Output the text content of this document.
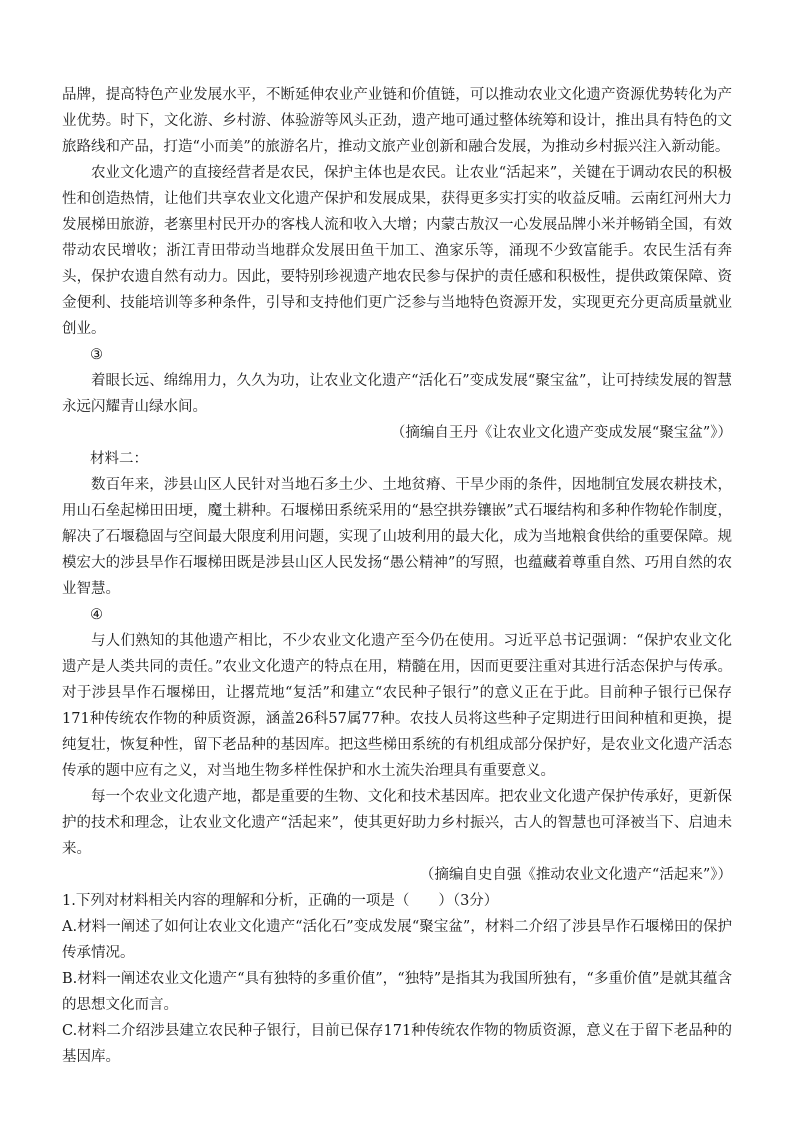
品牌，提高特色产业发展水平，不断延伸农业产业链和价值链，可以推动农业文化遗产资源优势转化为产业优势。时下，文化游、乡村游、体验游等风头正劲，遗产地可通过整体统筹和设计，推出具有特色的文旅路线和产品，打造“小而美”的旅游名片，推动文旅产业创新和融合发展，为推动乡村振兴注入新动能。

农业文化遗产的直接经营者是农民，保护主体也是农民。让农业“活起来”，关键在于调动农民的积极性和创造热情，让他们共享农业文化遗产保护和发展成果，获得更多实打实的收益反哺。云南红河州大力发展梯田旅游，老寨里村民开办的客栈人流和收入大增；内蒙古敖汉一心发展品牌小米并畅销全国，有效带动农民增收；浙江青田带动当地群众发展田鱼干加工、渔家乐等，涌现不少致富能手。农民生活有奔头，保护农遗自然有动力。因此，要特别珍视遗产地农民参与保护的责任感和积极性，提供政策保障、资金便利、技能培训等多种条件，引导和支持他们更广泛参与当地特色资源开发，实现更充分更高质量就业创业。

③

着眼长远、绵绵用力，久久为功，让农业文化遗产“活化石”变成发展“聚宝盆”，让可持续发展的智慧永远闪耀青山绿水间。

（摘编自王丹《让农业文化遗产变成发展“聚宝盆”》）

材料二：

数百年来，涉县山区人民针对当地石多土少、土地贫瘠、干旱少雨的条件，因地制宜发展农耕技术，用山石垒起梯田田埂，魔土耕种。石堰梯田系统采用的“悬空拱券镶嵌”式石堰结构和多种作物轮作制度，解决了石堰稳固与空间最大限度利用问题，实现了山坡利用的最大化，成为当地粮食供给的重要保障。规模宏大的涉县旱作石堰梯田既是涉县山区人民发扬“愚公精神”的写照，也蕴藏着尊重自然、巧用自然的农业智慧。

④

与人们熟知的其他遗产相比，不少农业文化遗产至今仍在使用。习近平总书记强调：“保护农业文化遗产是人类共同的责任。”农业文化遗产的特点在用，精髓在用，因而更要注重对其进行活态保护与传承。对于涉县旱作石堰梯田，让撂荒地“复活”和建立“农民种子银行”的意义正在于此。目前种子银行已保存171种传统农作物的种质资源，涵盖26科57属77种。农技人员将这些种子定期进行田间种植和更换，提纯复壮，恢复种性，留下老品种的基因库。把这些梯田系统的有机组成部分保护好，是农业文化遗产活态传承的题中应有之义，对当地生物多样性保护和水土流失治理具有重要意义。

每一个农业文化遗产地，都是重要的生物、文化和技术基因库。把农业文化遗产保护传承好，更新保护的技术和理念，让农业文化遗产“活起来”，使其更好助力乡村振兴，古人的智慧也可泽被当下、启迪未来。

（摘编自史自强《推动农业文化遗产“活起来”》）

1.下列对材料相关内容的理解和分析，正确的一项是（　　）（3分）

A.材料一阐述了如何让农业文化遗产“活化石”变成发展“聚宝盆”，材料二介绍了涉县旱作石堰梯田的保护传承情况。

B.材料一阐述农业文化遗产“具有独特的多重价值”，“独特”是指其为我国所独有，“多重价值”是就其蕴含的思想文化而言。

C.材料二介绍涉县建立农民种子银行，目前已保存171种传统农作物的物质资源，意义在于留下老品种的基因库。
